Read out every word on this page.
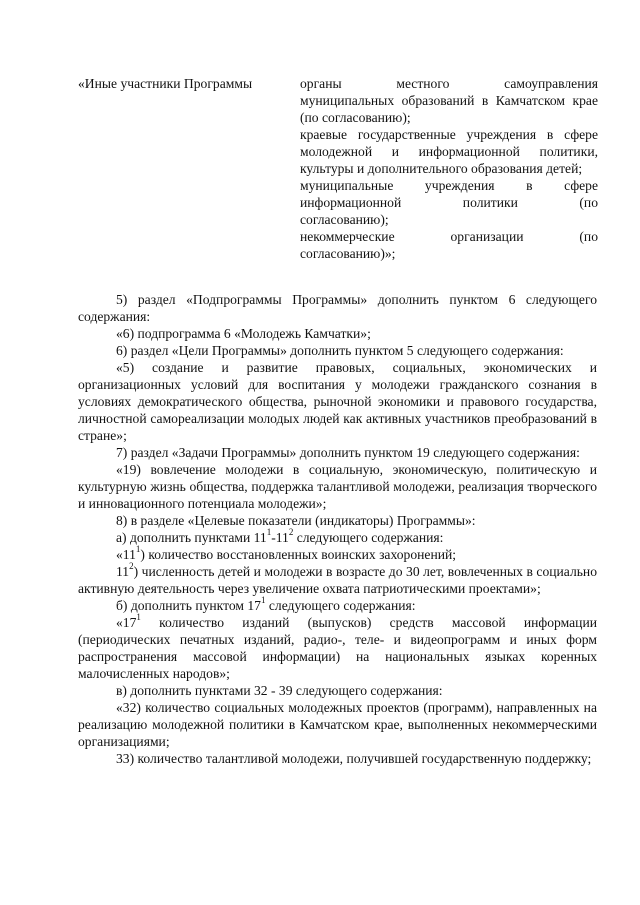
«Иные участники Программы	органы местного самоуправления

муниципальных образований в Камчатском крае (по согласованию);

краевые государственные учреждения в сфере молодежной и информационной политики, культуры и дополнительного образования детей;

муниципальные учреждения в сфере

информационной политики (по

согласованию);

некоммерческие организации (по

согласованию)»;

5) раздел «Подпрограммы Программы» дополнить пунктом 6 следующего содержания:

«6) подпрограмма 6 «Молодежь Камчатки»;

6) раздел «Цели Программы» дополнить пунктом 5 следующего содержания:

«5) создание и развитие правовых, социальных, экономических и организационных условий для воспитания у молодежи гражданского сознания в условиях демократического общества, рыночной экономики и правового государства, личностной самореализации молодых людей как активных участников преобразований в стране»;

7) раздел «Задачи Программы» дополнить пунктом 19 следующего содержания:

«19) вовлечение молодежи в социальную, экономическую, политическую и культурную жизнь общества, поддержка талантливой молодежи, реализация творческого и инновационного потенциала молодежи»;

8) в разделе «Целевые показатели (индикаторы) Программы»:

а) дополнить пунктами $11^1-11^2$ следующего содержания:

«$11^1$) количество восстановленных воинских захоронений;

$11^2$) численность детей и молодежи в возрасте до 30 лет, вовлеченных в социально активную деятельность через увеличение охвата патриотическими проектами»;

б) дополнить пунктом $17^1$ следующего содержания:

«$17^1$ количество изданий (выпусков) средств массовой информации (периодических печатных изданий, радио-, теле- и видеопрограмм и иных форм распространения массовой информации) на национальных языках коренных малочисленных народов»;

в) дополнить пунктами 32 - 39 следующего содержания:

«32) количество социальных молодежных проектов (программ), направленных на реализацию молодежной политики в Камчатском крае, выполненных некоммерческими организациями;

33) количество талантливой молодежи, получившей государственную поддержку;
